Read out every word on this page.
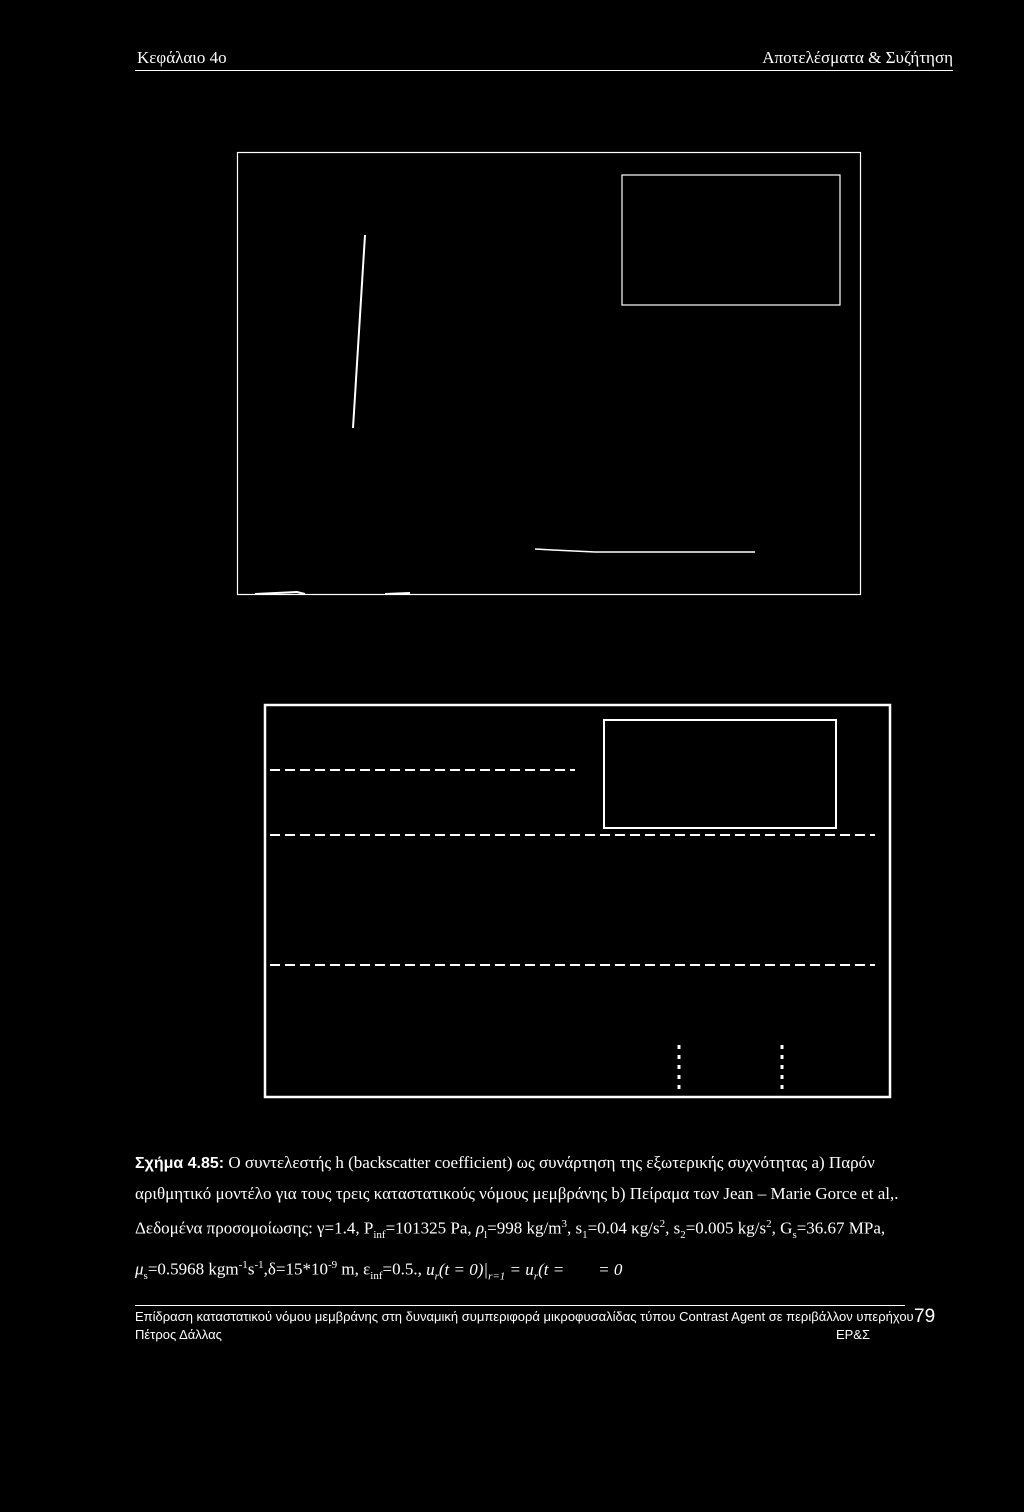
Κεφάλαιο 4ο	Αποτελέσματα & Συζήτηση

Σχήμα 4.85: Ο συντελεστής h (backscatter coefficient) ως συνάρτηση της εξωτερικής συχνότητας a) Παρόν αριθμητικό μοντέλο για τους τρεις καταστατικούς νόμους μεμβράνης b) Πείραμα των Jean – Marie Gorce et al,.

Δεδομένα προσομοίωσης: γ=1.4, $P_{inf}=101325$ Pa, $\rho_l=998$ $kg/m^3$, $s_1=0.04$ $\kappa g/s^2$, $s_2=0.005$ $kg/s^2$, $G_s=36.67$ MPa,

$\mu_s=0.5968$ $kgm^{-1}s^{-1},\delta=15*10^{-9}$ m, $\varepsilon_{inf}=0.5$., $u_r(t = 0)|_{r=1} = u_r(t$ =        = 0

Επίδραση καταστατικού νόμου μεμβράνης στη δυναμική συμπεριφορά μικροφυσαλίδας τύπου Contrast Agent σε περιβάλλον υπερήχου
Πέτρος Δάλλας	ΕΡ&Σ
79
